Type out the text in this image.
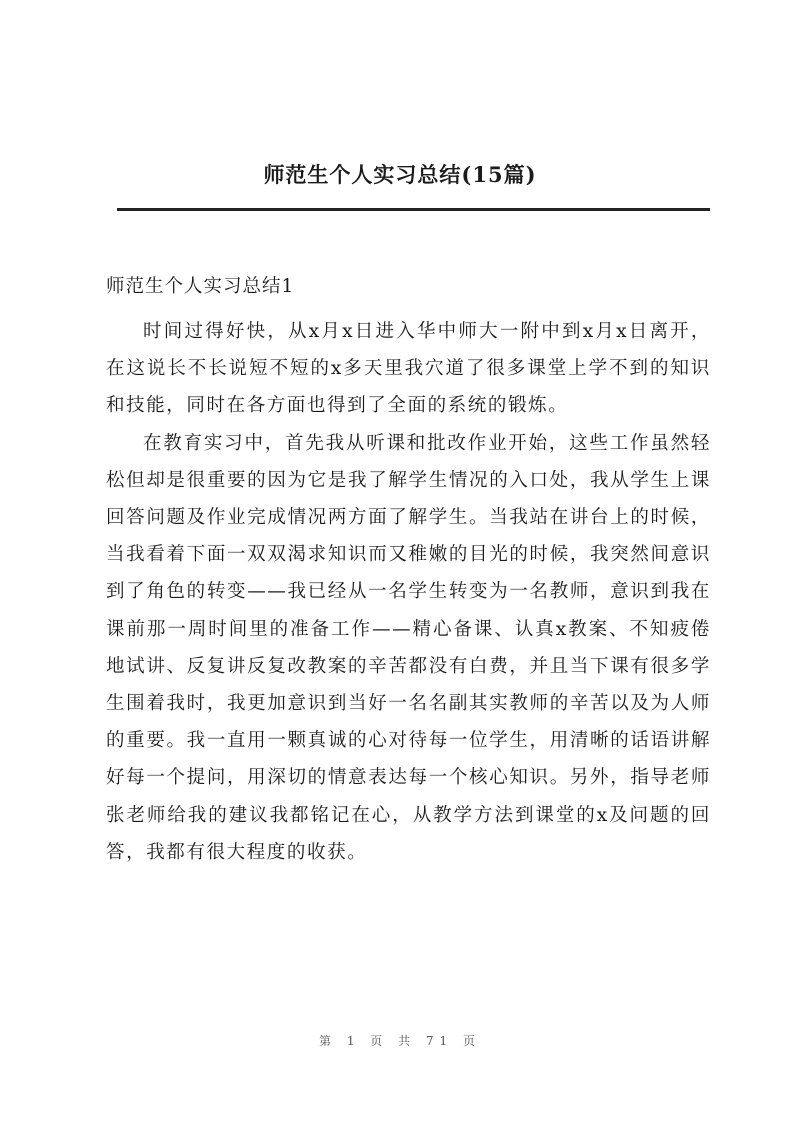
师范生个人实习总结(15篇)
师范生个人实习总结1

时间过得好快，从x月x日进入华中师大一附中到x月x日离开，在这说长不长说短不短的x多天里我穴道了很多课堂上学不到的知识和技能，同时在各方面也得到了全面的系统的锻炼。

在教育实习中，首先我从听课和批改作业开始，这些工作虽然轻松但却是很重要的因为它是我了解学生情况的入口处，我从学生上课回答问题及作业完成情况两方面了解学生。当我站在讲台上的时候，当我看着下面一双双渴求知识而又稚嫩的目光的时候，我突然间意识到了角色的转变——我已经从一名学生转变为一名教师，意识到我在课前那一周时间里的准备工作——精心备课、认真x教案、不知疲倦地试讲、反复讲反复改教案的辛苦都没有白费，并且当下课有很多学生围着我时，我更加意识到当好一名名副其实教师的辛苦以及为人师的重要。我一直用一颗真诚的心对待每一位学生，用清晰的话语讲解好每一个提问，用深切的情意表达每一个核心知识。另外，指导老师张老师给我的建议我都铭记在心，从教学方法到课堂的x及问题的回答，我都有很大程度的收获。

第 1 页 共 71 页
